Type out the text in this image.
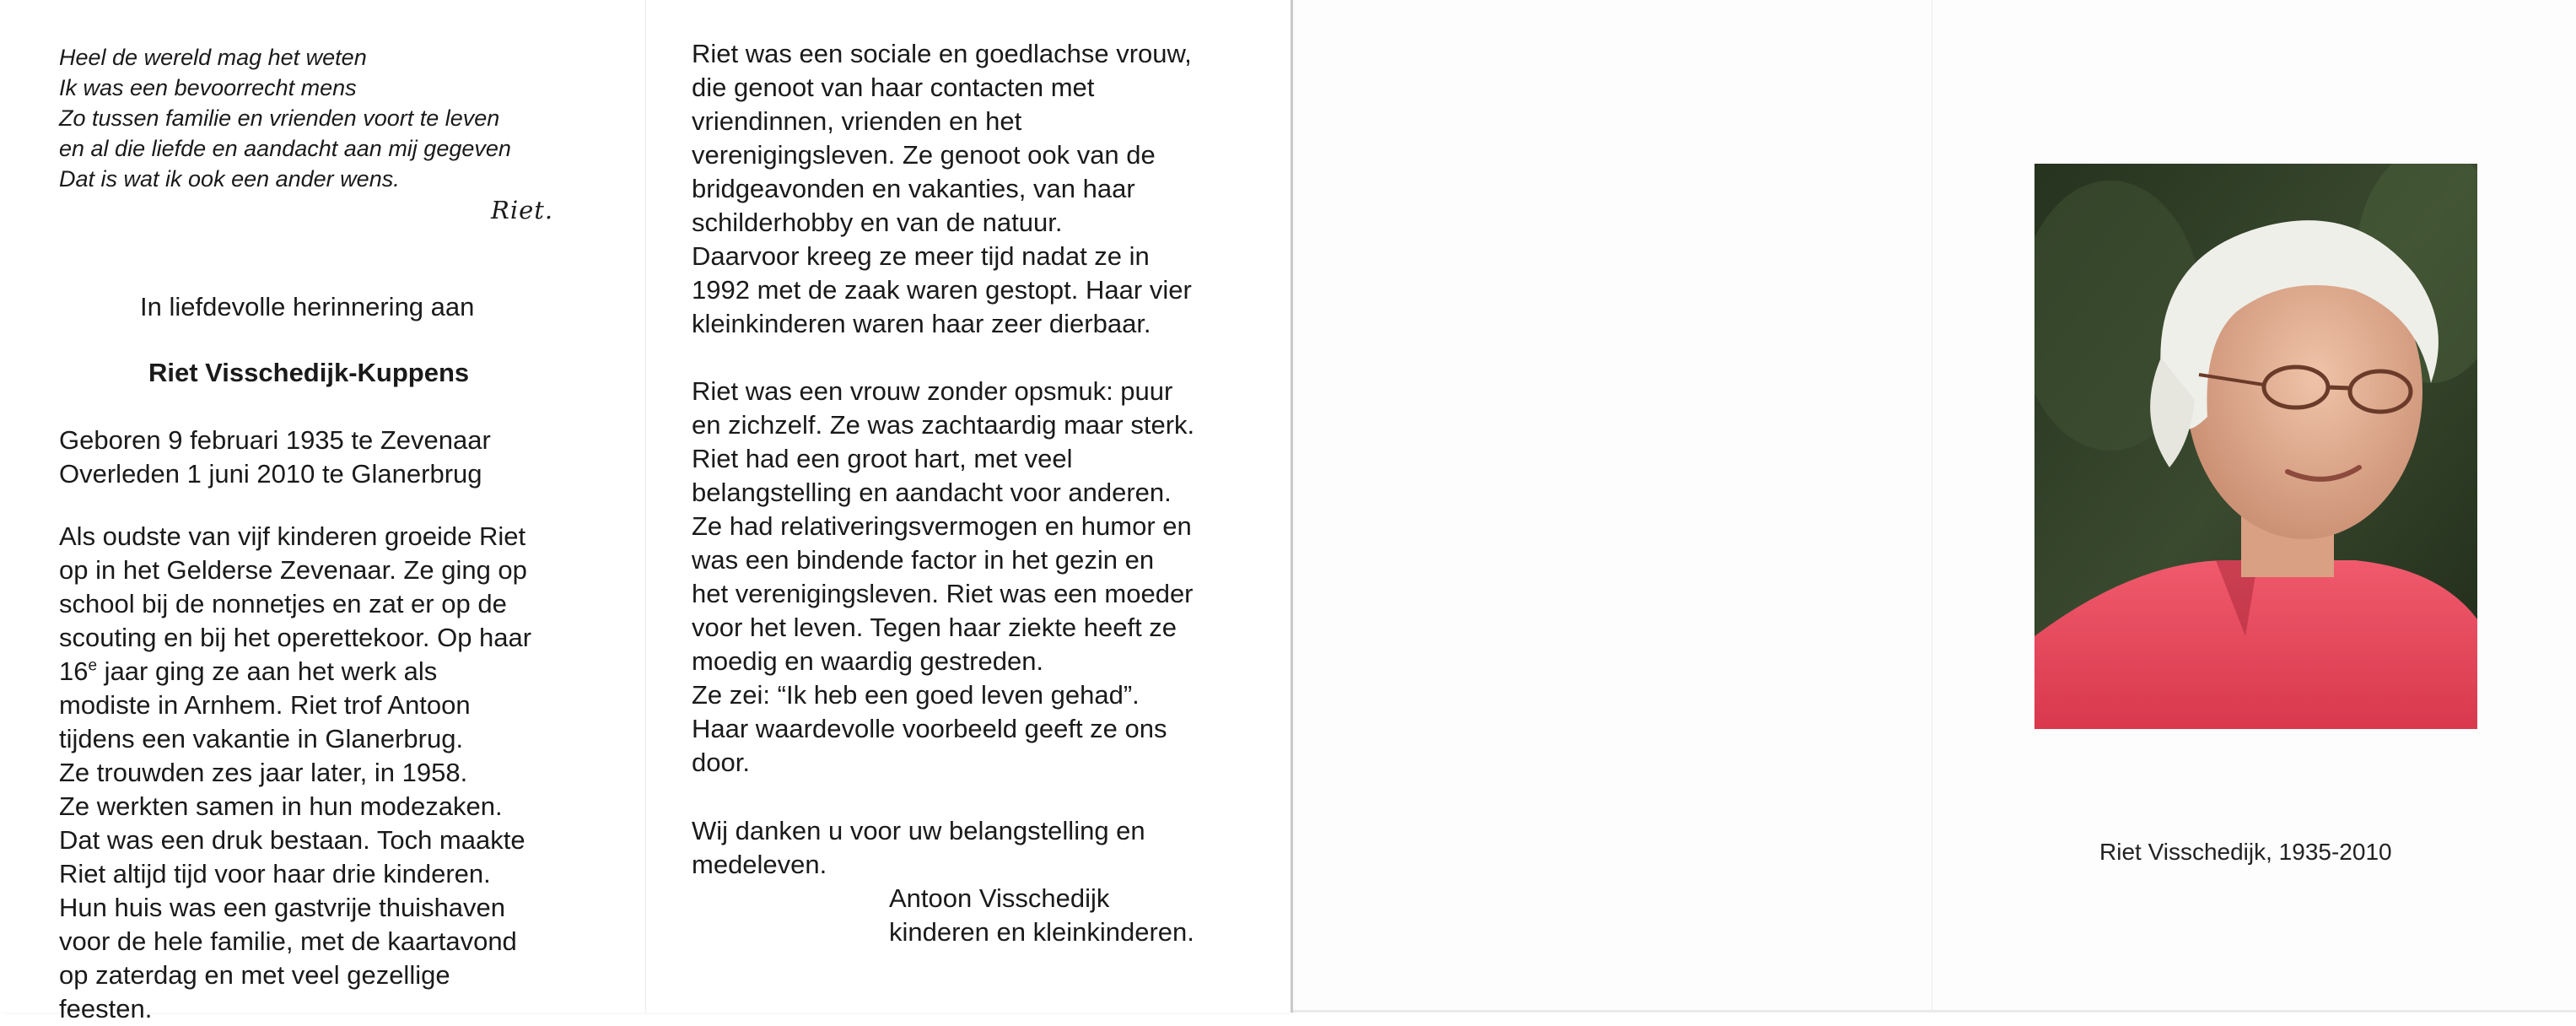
Heel de wereld mag het weten
Ik was een bevoorrecht mens
Zo tussen familie en vrienden voort te leven
en al die liefde en aandacht aan mij gegeven
Dat is wat ik ook een ander wens.
Riet.
In liefdevolle herinnering aan
Riet Visschedijk-Kuppens
Geboren 9 februari 1935 te Zevenaar
Overleden 1 juni 2010 te Glanerbrug
Als oudste van vijf kinderen groeide Riet
op in het Gelderse Zevenaar. Ze ging op
school bij de nonnetjes en zat er op de
scouting en bij het operettekoor. Op haar
16e jaar ging ze aan het werk als
modiste in Arnhem. Riet trof Antoon
tijdens een vakantie in Glanerbrug.
Ze trouwden zes jaar later, in 1958.
Ze werkten samen in hun modezaken.
Dat was een druk bestaan. Toch maakte
Riet altijd tijd voor haar drie kinderen.
Hun huis was een gastvrije thuishaven
voor de hele familie, met de kaartavond
op zaterdag en met veel gezellige
feesten.

Riet was een sociale en goedlachse vrouw,
die genoot van haar contacten met
vriendinnen, vrienden en het
verenigingsleven. Ze genoot ook van de
bridgeavonden en vakanties, van haar
schilderhobby en van de natuur.
Daarvoor kreeg ze meer tijd nadat ze in
1992 met de zaak waren gestopt. Haar vier
kleinkinderen waren haar zeer dierbaar.

Riet was een vrouw zonder opsmuk: puur
en zichzelf. Ze was zachtaardig maar sterk.
Riet had een groot hart, met veel
belangstelling en aandacht voor anderen.
Ze had relativeringsvermogen en humor en
was een bindende factor in het gezin en
het verenigingsleven. Riet was een moeder
voor het leven. Tegen haar ziekte heeft ze
moedig en waardig gestreden.
Ze zei: “Ik heb een goed leven gehad”.
Haar waardevolle voorbeeld geeft ze ons
door.

Wij danken u voor uw belangstelling en
medeleven.
Antoon Visschedijk
kinderen en kleinkinderen.
Riet Visschedijk, 1935-2010
